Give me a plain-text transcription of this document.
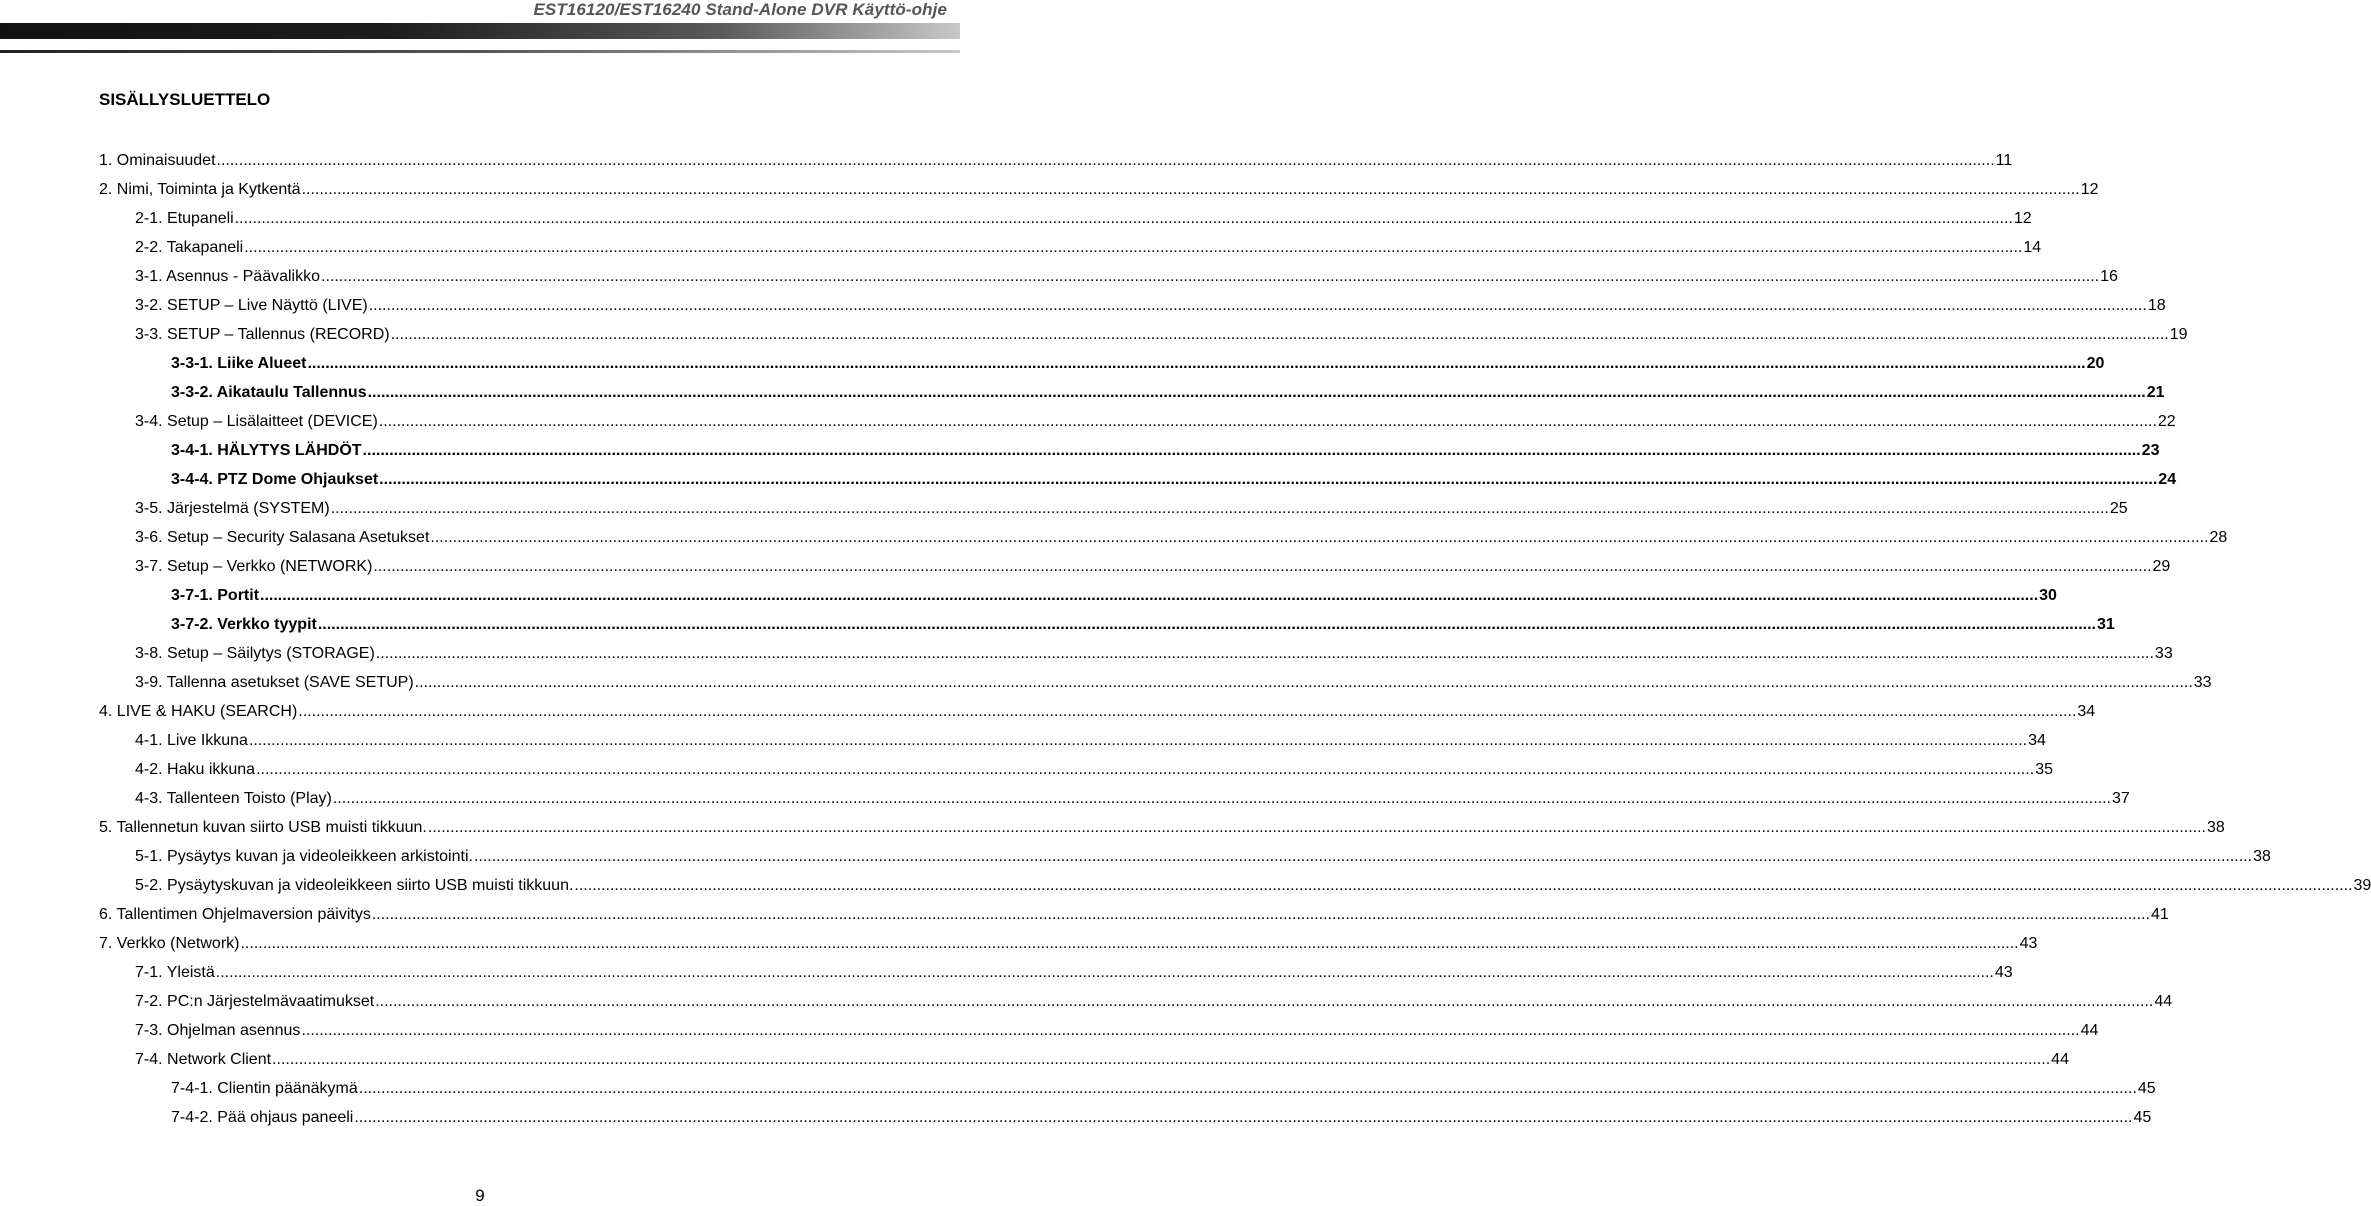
EST16120/EST16240 Stand-Alone DVR Käyttö-ohje
SISÄLLYSLUETTELO
1. Ominaisuudet ................................................................................................................................................................................................................................................................................................................................................................................................................ 11
2. Nimi, Toiminta ja Kytkentä ................................................................................................................................................................................................................................................................................................................................................................................................................ 12
2-1. Etupaneli ................................................................................................................................................................................................................................................................................................................................................................................................................ 12
2-2. Takapaneli ................................................................................................................................................................................................................................................................................................................................................................................................................ 14
3-1. Asennus - Päävalikko ................................................................................................................................................................................................................................................................................................................................................................................................................ 16
3-2. SETUP – Live Näyttö (LIVE) ................................................................................................................................................................................................................................................................................................................................................................................................................ 18
3-3. SETUP – Tallennus (RECORD) ................................................................................................................................................................................................................................................................................................................................................................................................................ 19
3-3-1. Liike Alueet ................................................................................................................................................................................................................................................................................................................................................................................................................ 20
3-3-2. Aikataulu Tallennus ................................................................................................................................................................................................................................................................................................................................................................................................................ 21
3-4. Setup – Lisälaitteet (DEVICE) ................................................................................................................................................................................................................................................................................................................................................................................................................ 22
3-4-1. HÄLYTYS LÄHDÖT ................................................................................................................................................................................................................................................................................................................................................................................................................ 23
3-4-4. PTZ Dome Ohjaukset ................................................................................................................................................................................................................................................................................................................................................................................................................ 24
3-5. Järjestelmä (SYSTEM) ................................................................................................................................................................................................................................................................................................................................................................................................................ 25
3-6. Setup – Security Salasana Asetukset ................................................................................................................................................................................................................................................................................................................................................................................................................ 28
3-7. Setup – Verkko (NETWORK) ................................................................................................................................................................................................................................................................................................................................................................................................................ 29
3-7-1. Portit ................................................................................................................................................................................................................................................................................................................................................................................................................ 30
3-7-2. Verkko tyypit ................................................................................................................................................................................................................................................................................................................................................................................................................ 31
3-8. Setup – Säilytys (STORAGE) ................................................................................................................................................................................................................................................................................................................................................................................................................ 33
3-9. Tallenna asetukset (SAVE SETUP) ................................................................................................................................................................................................................................................................................................................................................................................................................ 33
4. LIVE & HAKU (SEARCH) ................................................................................................................................................................................................................................................................................................................................................................................................................ 34
4-1. Live Ikkuna ................................................................................................................................................................................................................................................................................................................................................................................................................ 34
4-2. Haku ikkuna ................................................................................................................................................................................................................................................................................................................................................................................................................ 35
4-3. Tallenteen Toisto (Play) ................................................................................................................................................................................................................................................................................................................................................................................................................ 37
5. Tallennetun kuvan siirto USB muisti tikkuun. ................................................................................................................................................................................................................................................................................................................................................................................................................ 38
5-1. Pysäytys kuvan ja videoleikkeen arkistointi. ................................................................................................................................................................................................................................................................................................................................................................................................................ 38
5-2. Pysäytyskuvan ja videoleikkeen siirto USB muisti tikkuun. ................................................................................................................................................................................................................................................................................................................................................................................................................ 39
6. Tallentimen Ohjelmaversion päivitys ................................................................................................................................................................................................................................................................................................................................................................................................................ 41
7. Verkko (Network) ................................................................................................................................................................................................................................................................................................................................................................................................................ 43
7-1. Yleistä ................................................................................................................................................................................................................................................................................................................................................................................................................ 43
7-2. PC:n Järjestelmävaatimukset ................................................................................................................................................................................................................................................................................................................................................................................................................ 44
7-3. Ohjelman asennus ................................................................................................................................................................................................................................................................................................................................................................................................................ 44
7-4. Network Client ................................................................................................................................................................................................................................................................................................................................................................................................................ 44
7-4-1. Clientin päänäkymä ................................................................................................................................................................................................................................................................................................................................................................................................................ 45
7-4-2. Pää ohjaus paneeli ................................................................................................................................................................................................................................................................................................................................................................................................................ 45
9
